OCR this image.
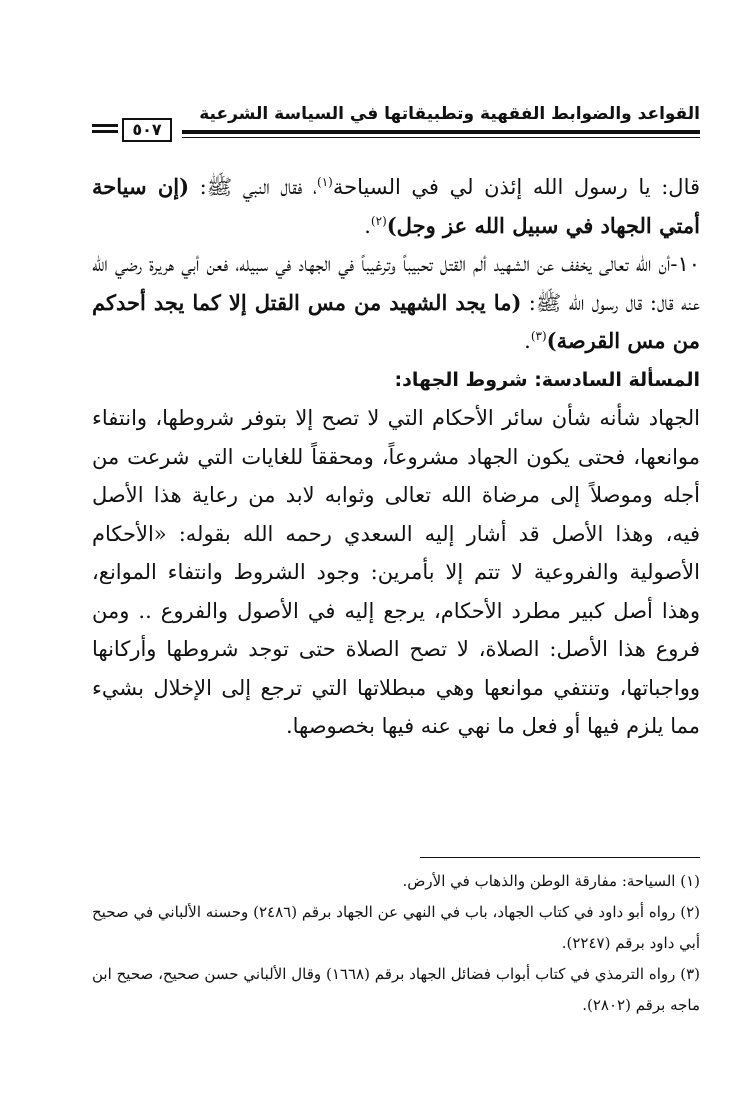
القواعد والضوابط الفقهية وتطبيقاتها في السياسة الشرعية
٥٠٧

قال: يا رسول الله إئذن لي في السياحة$^{(١)}$، فقال النبي ﷺ: (إن سياحة أمتي الجهاد في سبيل الله عز وجل)$^{(٢)}$.

١٠-أن الله تعالى يخفف عن الشهيد ألم القتل تحبيباً وترغيباً في الجهاد في سبيله، فعن أبي هريرة رضي الله عنه قال: قال رسول الله ﷺ: (ما يجد الشهيد من مس القتل إلا كما يجد أحدكم من مس القرصة)$^{(٣)}$.

المسألة السادسة: شروط الجهاد:

الجهاد شأنه شأن سائر الأحكام التي لا تصح إلا بتوفر شروطها، وانتفاء موانعها، فحتى يكون الجهاد مشروعاً، ومحققاً للغايات التي شرعت من أجله وموصلاً إلى مرضاة الله تعالى وثوابه لابد من رعاية هذا الأصل فيه، وهذا الأصل قد أشار إليه السعدي رحمه الله بقوله: «الأحكام الأصولية والفروعية لا تتم إلا بأمرين: وجود الشروط وانتفاء الموانع، وهذا أصل كبير مطرد الأحكام، يرجع إليه في الأصول والفروع .. ومن فروع هذا الأصل: الصلاة، لا تصح الصلاة حتى توجد شروطها وأركانها وواجباتها، وتنتفي موانعها وهي مبطلاتها التي ترجع إلى الإخلال بشيء مما يلزم فيها أو فعل ما نهي عنه فيها بخصوصها.

(١) السياحة: مفارقة الوطن والذهاب في الأرض.

(٢) رواه أبو داود في كتاب الجهاد، باب في النهي عن الجهاد برقم (٢٤٨٦) وحسنه الألباني في صحيح أبي داود برقم (٢٢٤٧).

(٣) رواه الترمذي في كتاب أبواب فضائل الجهاد برقم (١٦٦٨) وقال الألباني حسن صحيح، صحيح ابن ماجه برقم (٢٨٠٢).
